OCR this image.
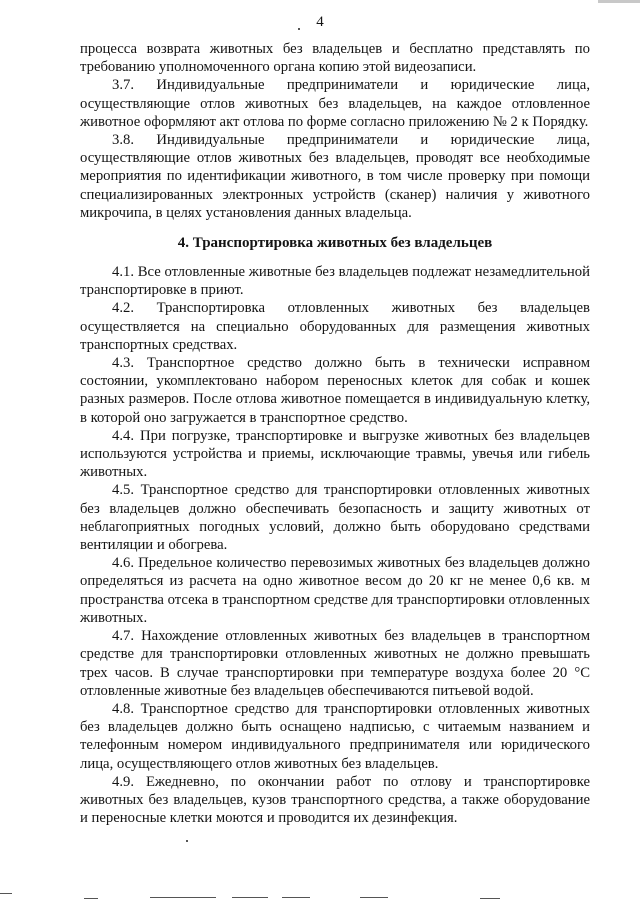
4

процесса возврата животных без владельцев и бесплатно представлять по требованию уполномоченного органа копию этой видеозаписи.

3.7. Индивидуальные предприниматели и юридические лица, осуществляющие отлов животных без владельцев, на каждое отловленное животное оформляют акт отлова по форме согласно приложению № 2 к Порядку.

3.8. Индивидуальные предприниматели и юридические лица, осуществляющие отлов животных без владельцев, проводят все необходимые мероприятия по идентификации животного, в том числе проверку при помощи специализированных электронных устройств (сканер) наличия у животного микрочипа, в целях установления данных владельца.

4. Транспортировка животных без владельцев

4.1. Все отловленные животные без владельцев подлежат незамедлительной транспортировке в приют.

4.2. Транспортировка отловленных животных без владельцев осуществляется на специально оборудованных для размещения животных транспортных средствах.

4.3. Транспортное средство должно быть в технически исправном состоянии, укомплектовано набором переносных клеток для собак и кошек разных размеров. После отлова животное помещается в индивидуальную клетку, в которой оно загружается в транспортное средство.

4.4. При погрузке, транспортировке и выгрузке животных без владельцев используются устройства и приемы, исключающие травмы, увечья или гибель животных.

4.5. Транспортное средство для транспортировки отловленных животных без владельцев должно обеспечивать безопасность и защиту животных от неблагоприятных погодных условий, должно быть оборудовано средствами вентиляции и обогрева.

4.6. Предельное количество перевозимых животных без владельцев должно определяться из расчета на одно животное весом до 20 кг не менее 0,6 кв. м пространства отсека в транспортном средстве для транспортировки отловленных животных.

4.7. Нахождение отловленных животных без владельцев в транспортном средстве для транспортировки отловленных животных не должно превышать трех часов. В случае транспортировки при температуре воздуха более 20 °С отловленные животные без владельцев обеспечиваются питьевой водой.

4.8. Транспортное средство для транспортировки отловленных животных без владельцев должно быть оснащено надписью, с читаемым названием и телефонным номером индивидуального предпринимателя или юридического лица, осуществляющего отлов животных без владельцев.

4.9. Ежедневно, по окончании работ по отлову и транспортировке животных без владельцев, кузов транспортного средства, а также оборудование и переносные клетки моются и проводится их дезинфекция.
